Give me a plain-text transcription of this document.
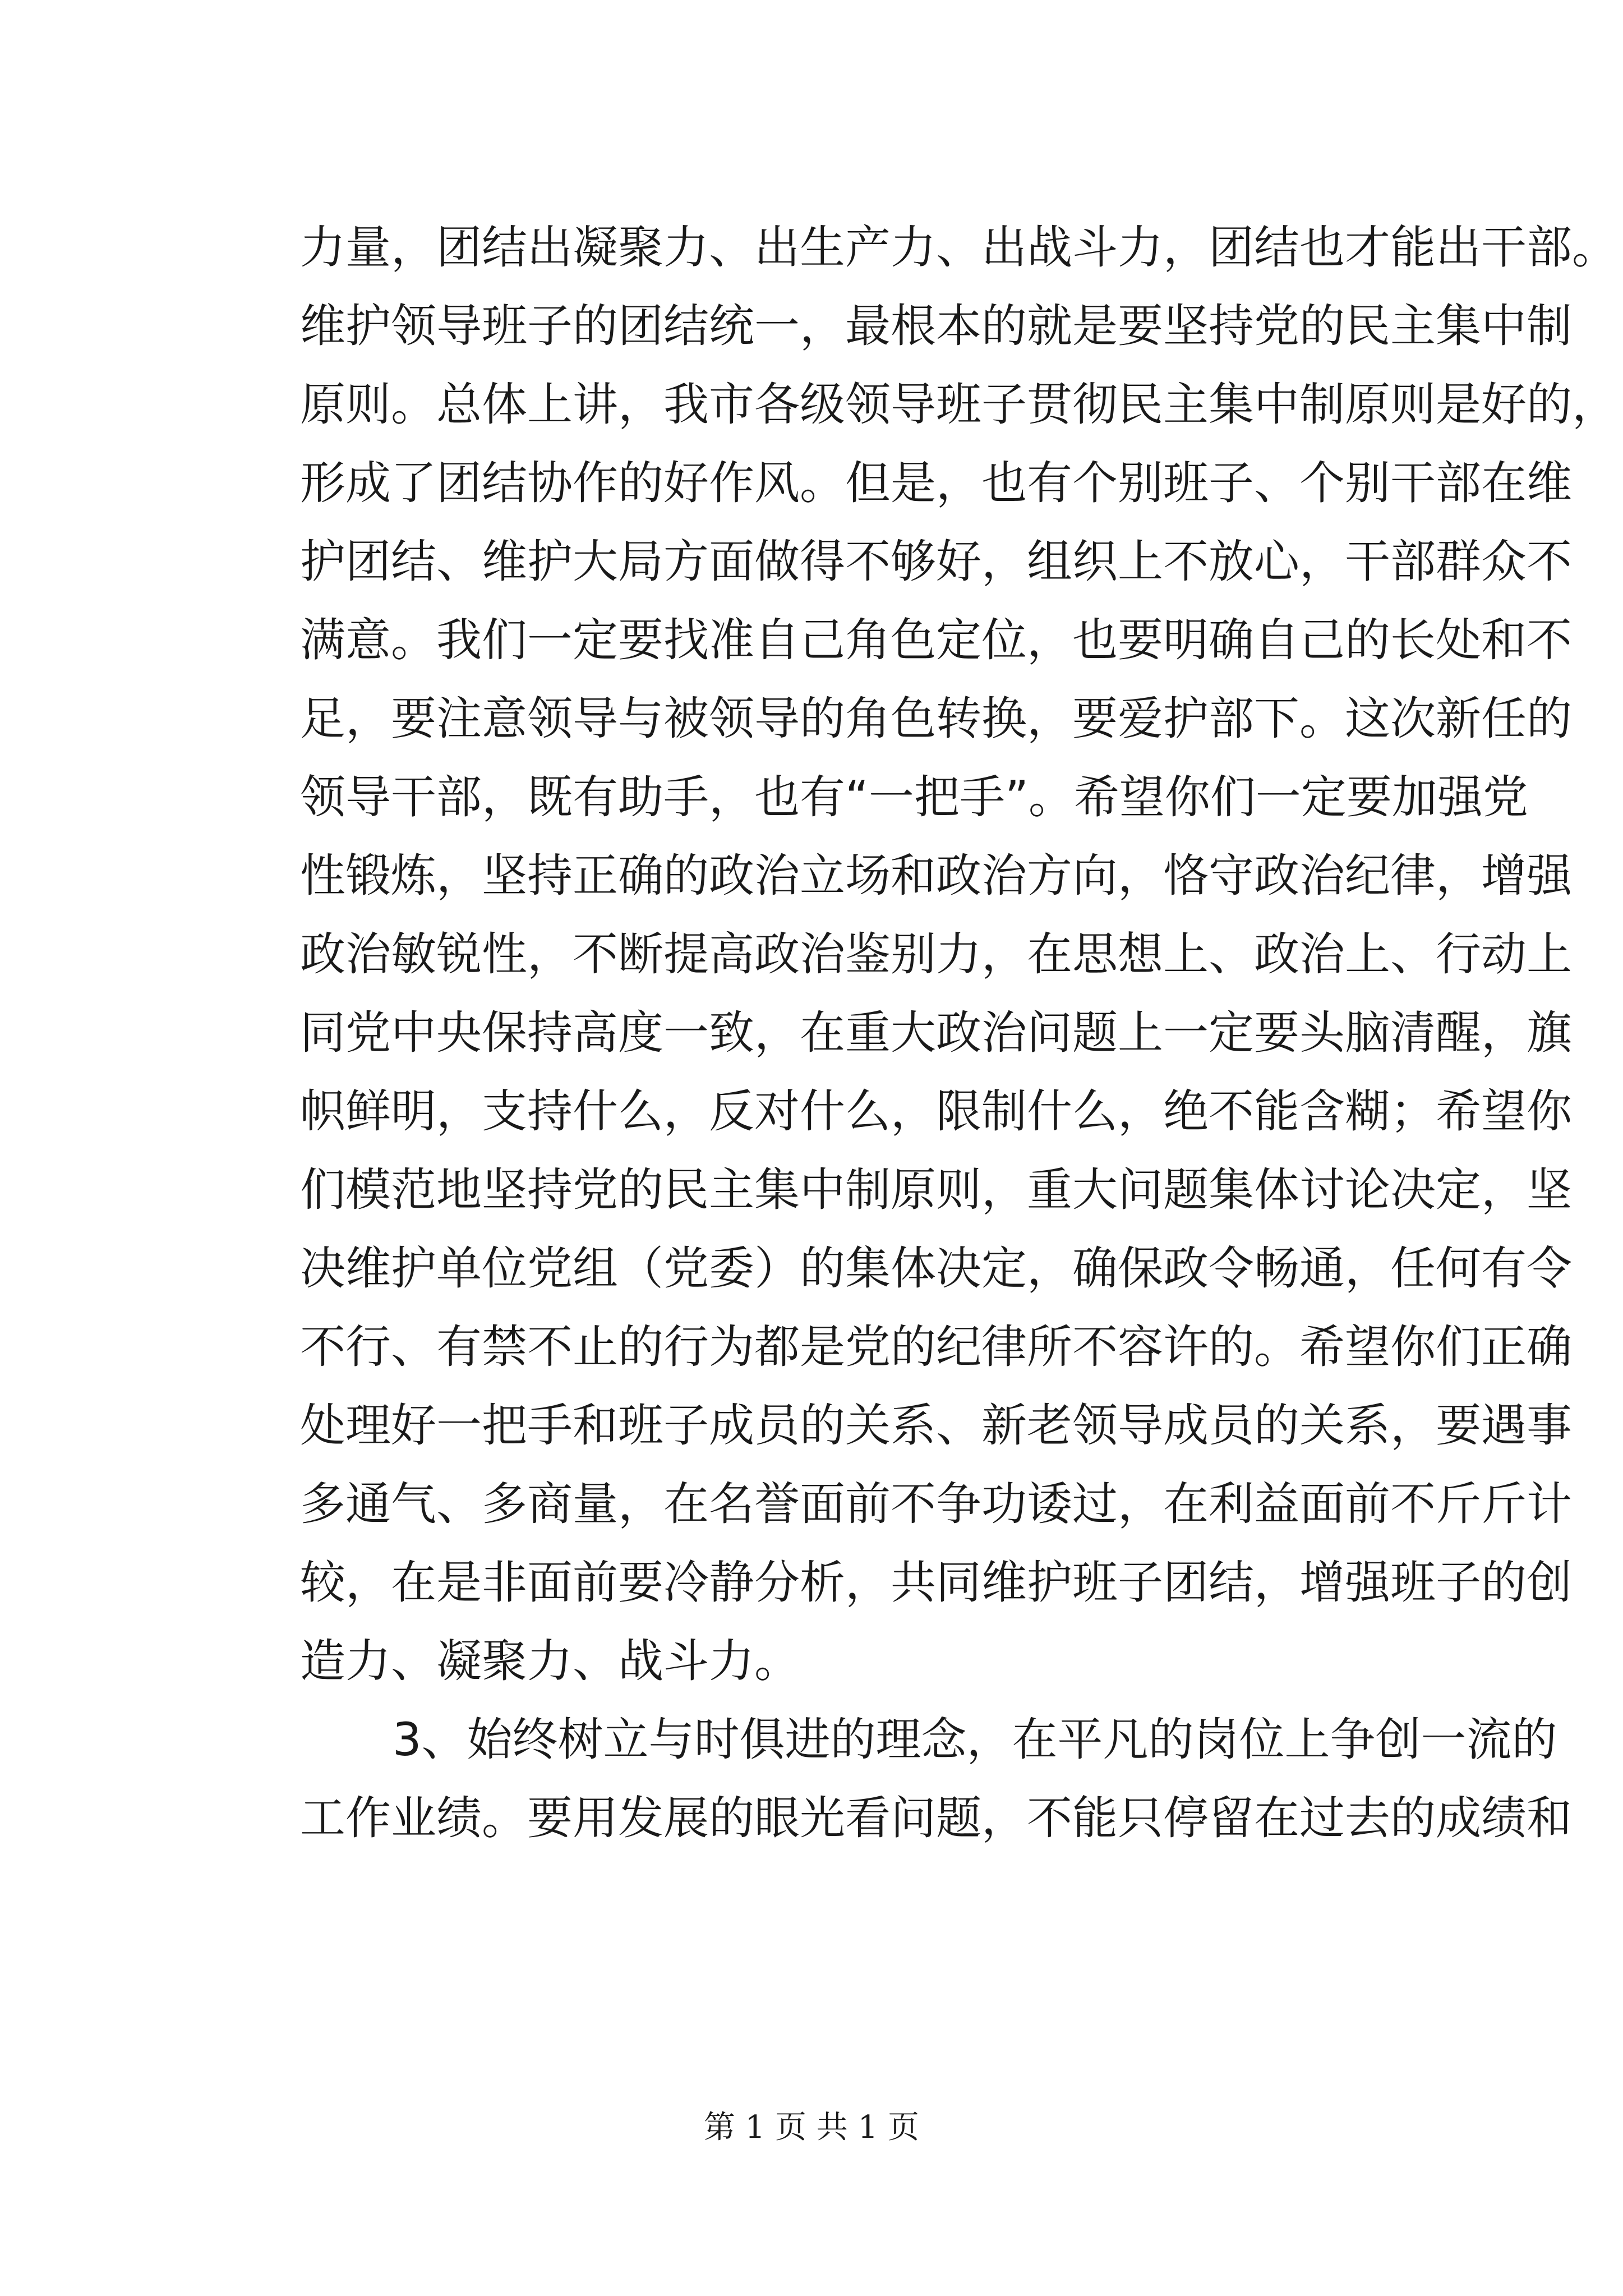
力量，团结出凝聚力、出生产力、出战斗力，团结也才能出干部。
维护领导班子的团结统一，最根本的就是要坚持党的民主集中制
原则。总体上讲，我市各级领导班子贯彻民主集中制原则是好的，
形成了团结协作的好作风。但是，也有个别班子、个别干部在维
护团结、维护大局方面做得不够好，组织上不放心，干部群众不
满意。我们一定要找准自己角色定位，也要明确自己的长处和不
足，要注意领导与被领导的角色转换，要爱护部下。这次新任的
领导干部，既有助手，也有“一把手”。希望你们一定要加强党
性锻炼，坚持正确的政治立场和政治方向，恪守政治纪律，增强
政治敏锐性，不断提高政治鉴别力，在思想上、政治上、行动上
同党中央保持高度一致，在重大政治问题上一定要头脑清醒，旗
帜鲜明，支持什么，反对什么，限制什么，绝不能含糊；希望你
们模范地坚持党的民主集中制原则，重大问题集体讨论决定，坚
决维护单位党组（党委）的集体决定，确保政令畅通，任何有令
不行、有禁不止的行为都是党的纪律所不容许的。希望你们正确
处理好一把手和班子成员的关系、新老领导成员的关系，要遇事
多通气、多商量，在名誉面前不争功诿过，在利益面前不斤斤计
较，在是非面前要冷静分析，共同维护班子团结，增强班子的创
造力、凝聚力、战斗力。
3、始终树立与时俱进的理念，在平凡的岗位上争创一流的
工作业绩。要用发展的眼光看问题，不能只停留在过去的成绩和
第 1 页 共 1 页
